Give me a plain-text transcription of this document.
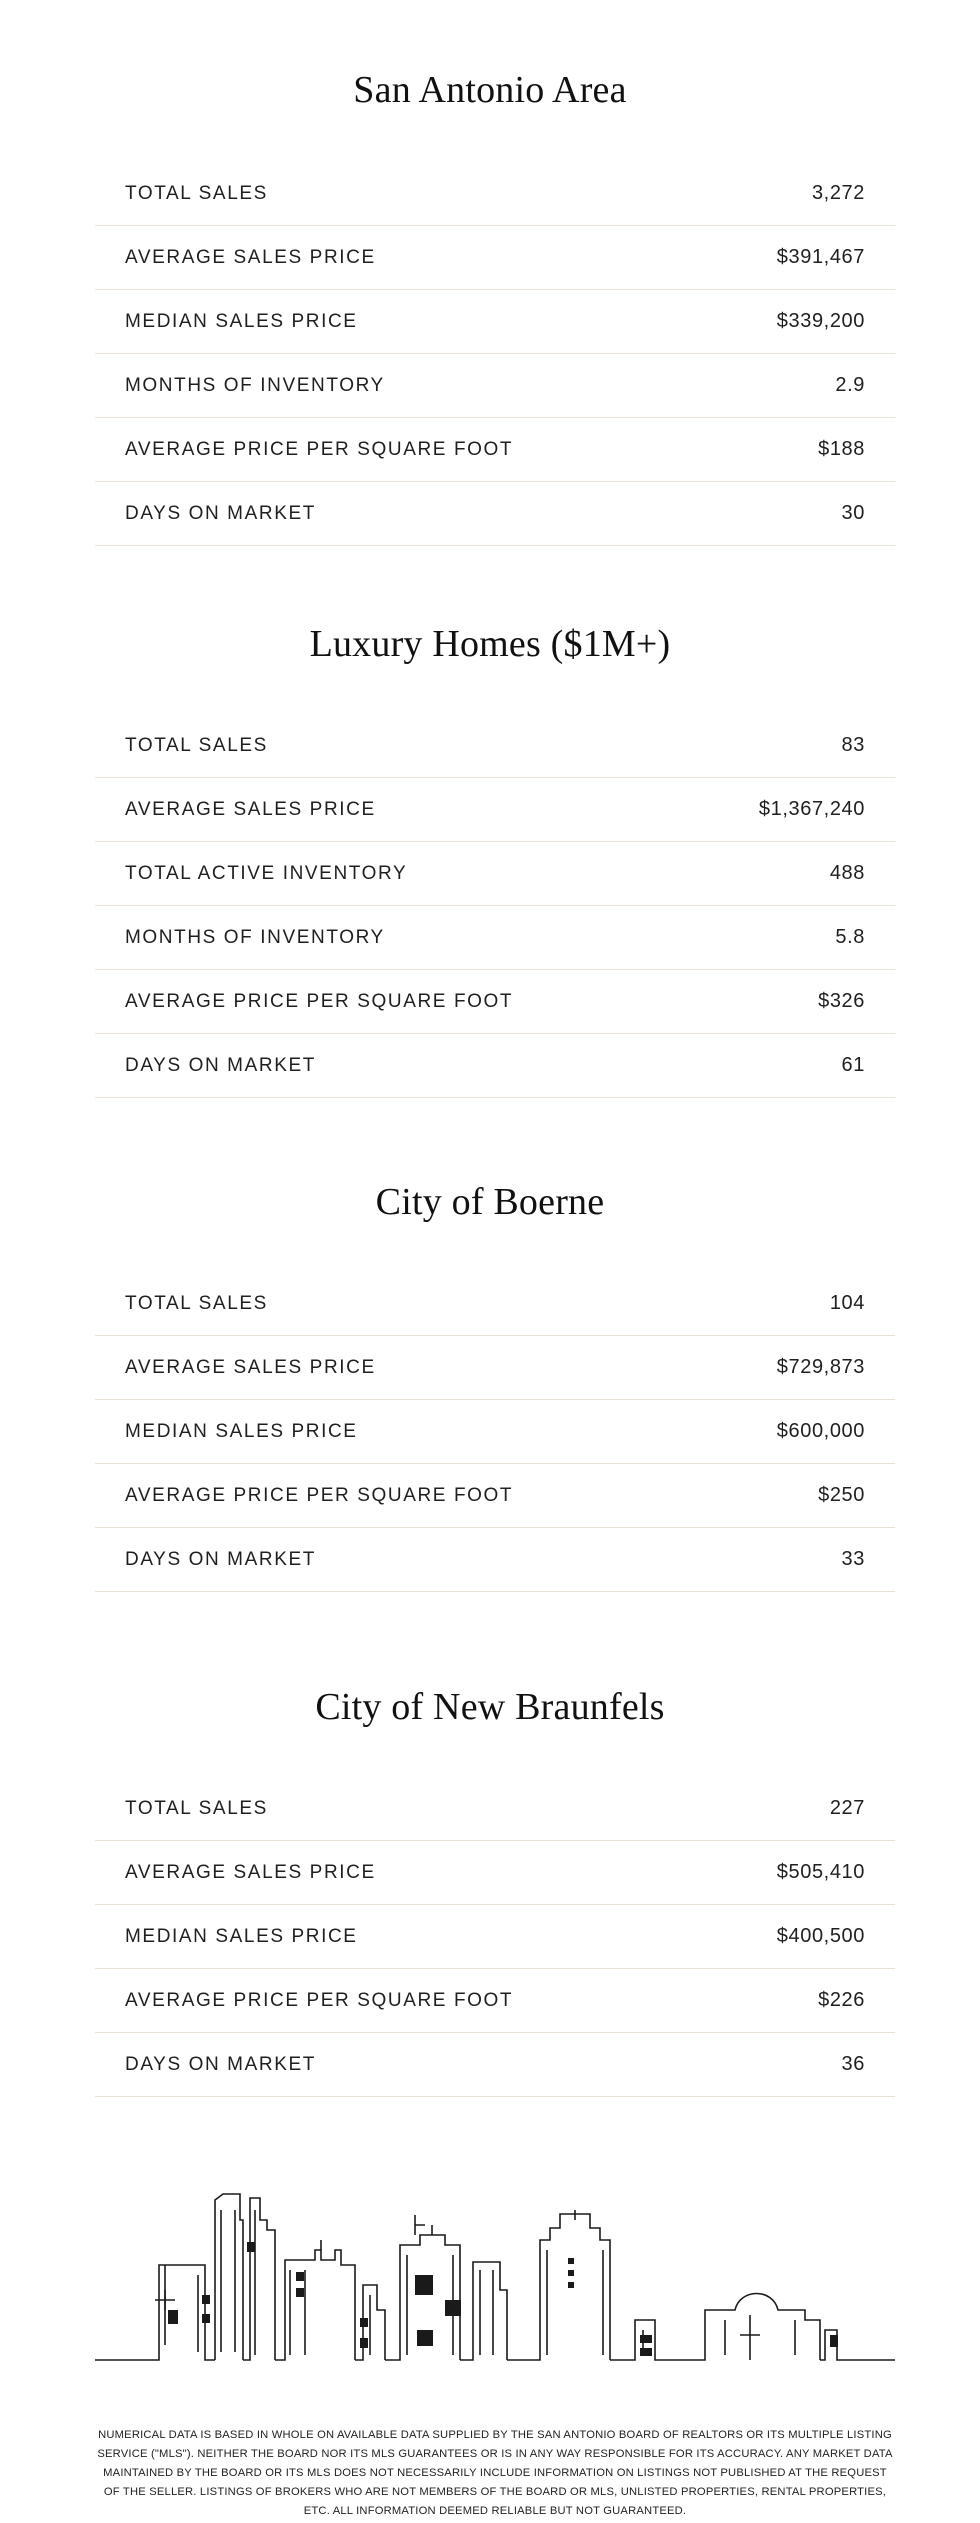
San Antonio Area
TOTAL SALES	3,272
AVERAGE SALES PRICE	$391,467
MEDIAN SALES PRICE	$339,200
MONTHS OF INVENTORY	2.9
AVERAGE PRICE PER SQUARE FOOT	$188
DAYS ON MARKET	30
Luxury Homes ($1M+)
TOTAL SALES	83
AVERAGE SALES PRICE	$1,367,240
TOTAL ACTIVE INVENTORY	488
MONTHS OF INVENTORY	5.8
AVERAGE PRICE PER SQUARE FOOT	$326
DAYS ON MARKET	61
City of Boerne
TOTAL SALES	104
AVERAGE SALES PRICE	$729,873
MEDIAN SALES PRICE	$600,000
AVERAGE PRICE PER SQUARE FOOT	$250
DAYS ON MARKET	33
City of New Braunfels
TOTAL SALES	227
AVERAGE SALES PRICE	$505,410
MEDIAN SALES PRICE	$400,500
AVERAGE PRICE PER SQUARE FOOT	$226
DAYS ON MARKET	36

NUMERICAL DATA IS BASED IN WHOLE ON AVAILABLE DATA SUPPLIED BY THE SAN ANTONIO BOARD OF REALTORS OR ITS MULTIPLE LISTING SERVICE ("MLS"). NEITHER THE BOARD NOR ITS MLS GUARANTEES OR IS IN ANY WAY RESPONSIBLE FOR ITS ACCURACY. ANY MARKET DATA MAINTAINED BY THE BOARD OR ITS MLS DOES NOT NECESSARILY INCLUDE INFORMATION ON LISTINGS NOT PUBLISHED AT THE REQUEST OF THE SELLER. LISTINGS OF BROKERS WHO ARE NOT MEMBERS OF THE BOARD OR MLS, UNLISTED PROPERTIES, RENTAL PROPERTIES, ETC. ALL INFORMATION DEEMED RELIABLE BUT NOT GUARANTEED.
